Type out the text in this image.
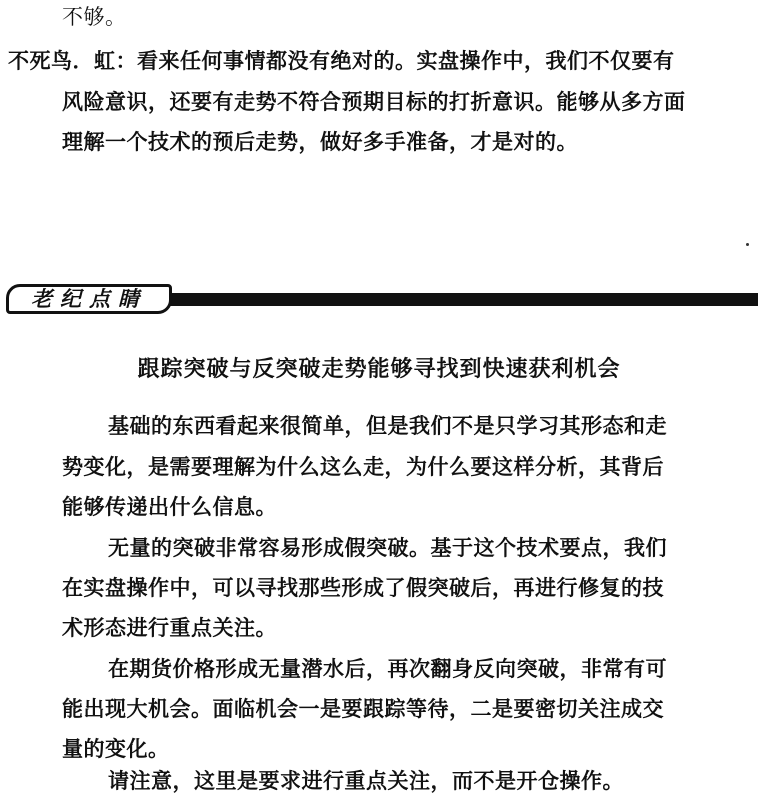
不够。
不死鸟．虹：看来任何事情都没有绝对的。实盘操作中，我们不仅要有
风险意识，还要有走势不符合预期目标的打折意识。能够从多方面
理解一个技术的预后走势，做好多手准备，才是对的。
老纪点睛
跟踪突破与反突破走势能够寻找到快速获利机会
基础的东西看起来很简单，但是我们不是只学习其形态和走
势变化，是需要理解为什么这么走，为什么要这样分析，其背后
能够传递出什么信息。
无量的突破非常容易形成假突破。基于这个技术要点，我们
在实盘操作中，可以寻找那些形成了假突破后，再进行修复的技
术形态进行重点关注。
在期货价格形成无量潜水后，再次翻身反向突破，非常有可
能出现大机会。面临机会一是要跟踪等待，二是要密切关注成交
量的变化。
请注意，这里是要求进行重点关注，而不是开仓操作。
